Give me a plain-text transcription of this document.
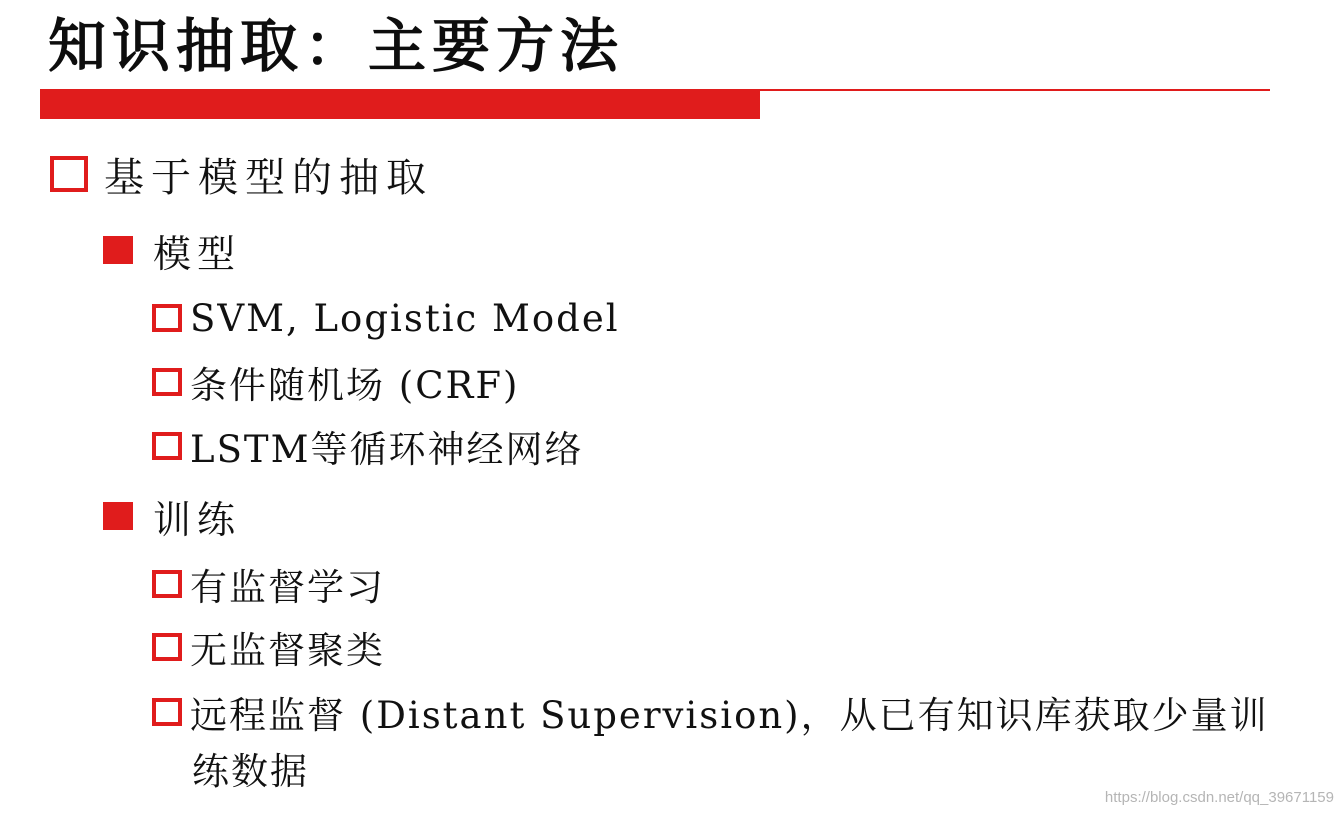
知识抽取：主要方法
基于模型的抽取
模型
SVM, Logistic Model
条件随机场 (CRF)
LSTM等循环神经网络
训练
有监督学习
无监督聚类
远程监督 (Distant Supervision)，从已有知识库获取少量训
练数据
https://blog.csdn.net/qq_39671159
